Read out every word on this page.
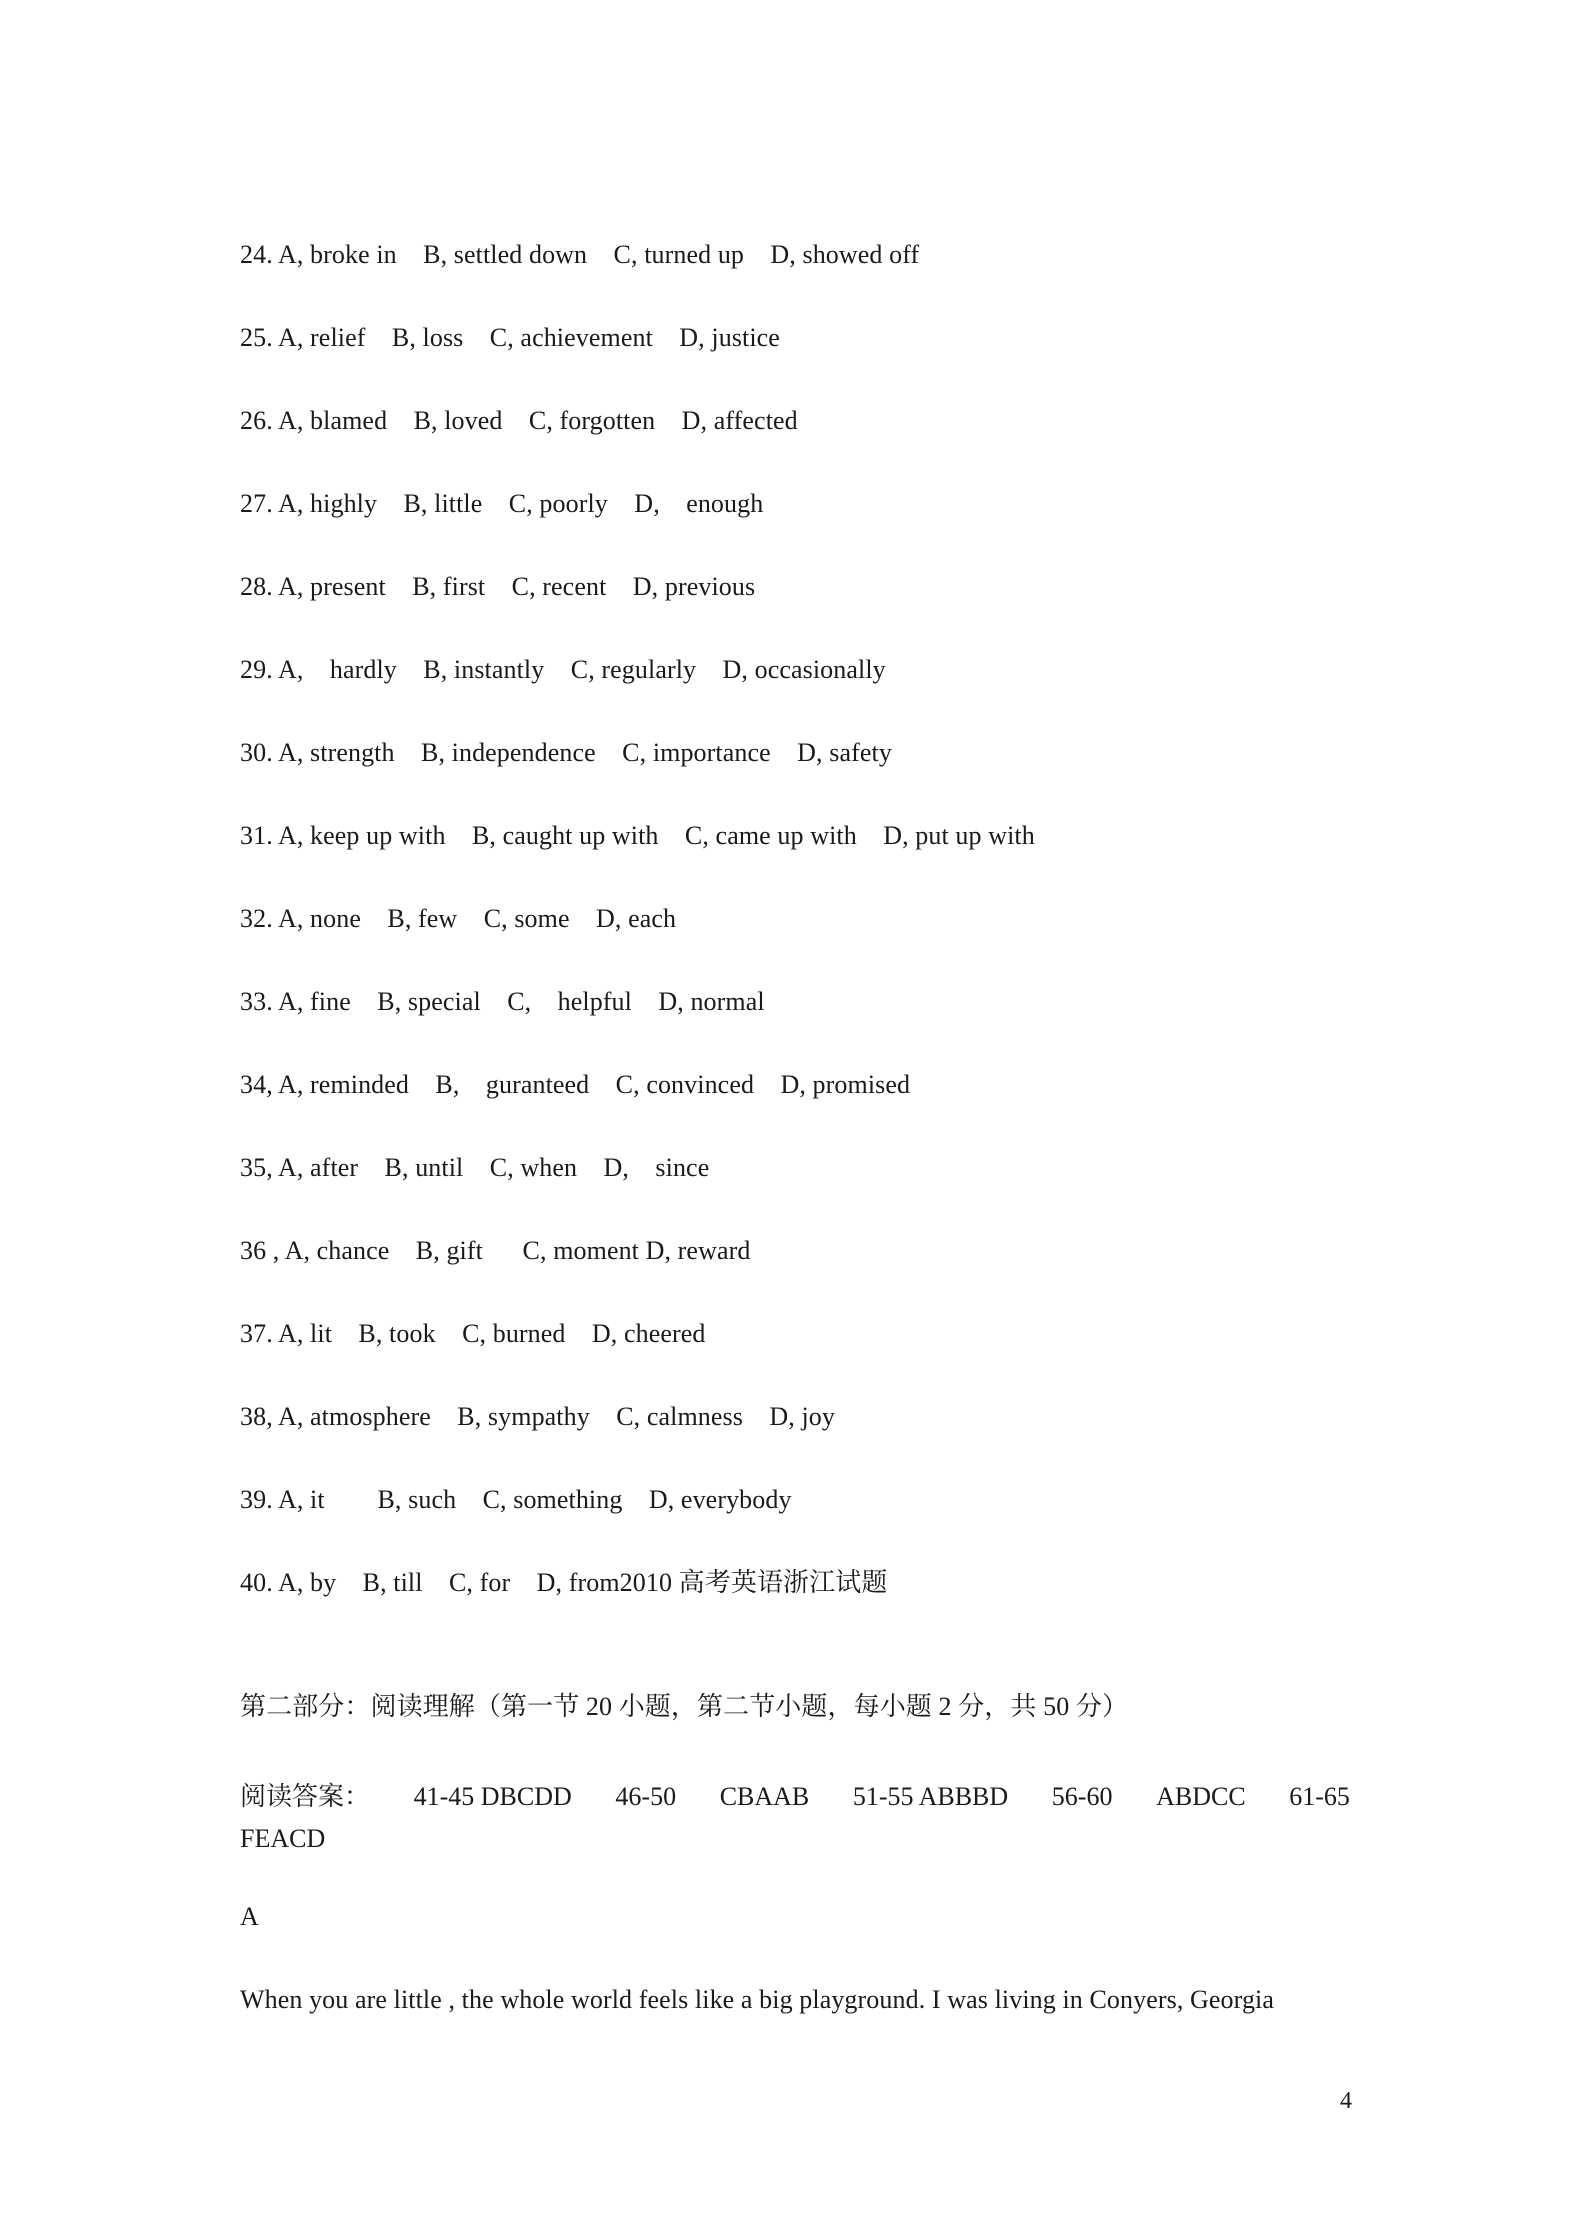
24. A, broke in    B, settled down    C, turned up    D, showed off
25. A, relief    B, loss    C, achievement    D, justice
26. A, blamed    B, loved    C, forgotten    D, affected
27. A, highly    B, little    C, poorly    D,    enough
28. A, present    B, first    C, recent    D, previous
29. A,    hardly    B, instantly    C, regularly    D, occasionally
30. A, strength    B, independence    C, importance    D, safety
31. A, keep up with    B, caught up with    C, came up with    D, put up with
32. A, none    B, few    C, some    D, each
33. A, fine    B, special    C,    helpful    D, normal
34, A, reminded    B,    guranteed    C, convinced    D, promised
35, A, after    B, until    C, when    D,    since
36 , A, chance    B, gift      C, moment D, reward
37. A, lit    B, took    C, burned    D, cheered
38, A, atmosphere    B, sympathy    C, calmness    D, joy
39. A, it        B, such    C, something    D, everybody
40. A, by    B, till    C, for    D, from2010 高考英语浙江试题
第二部分：阅读理解（第一节 20 小题，第二节小题，每小题 2 分，共 50 分）
阅读答案： 41-45 DBCDD 46-50 CBAAB 51-55 ABBBD 56-60 ABDCC 61-65
FEACD
A
When you are little , the whole world feels like a big playground. I was living in Conyers, Georgia
4
